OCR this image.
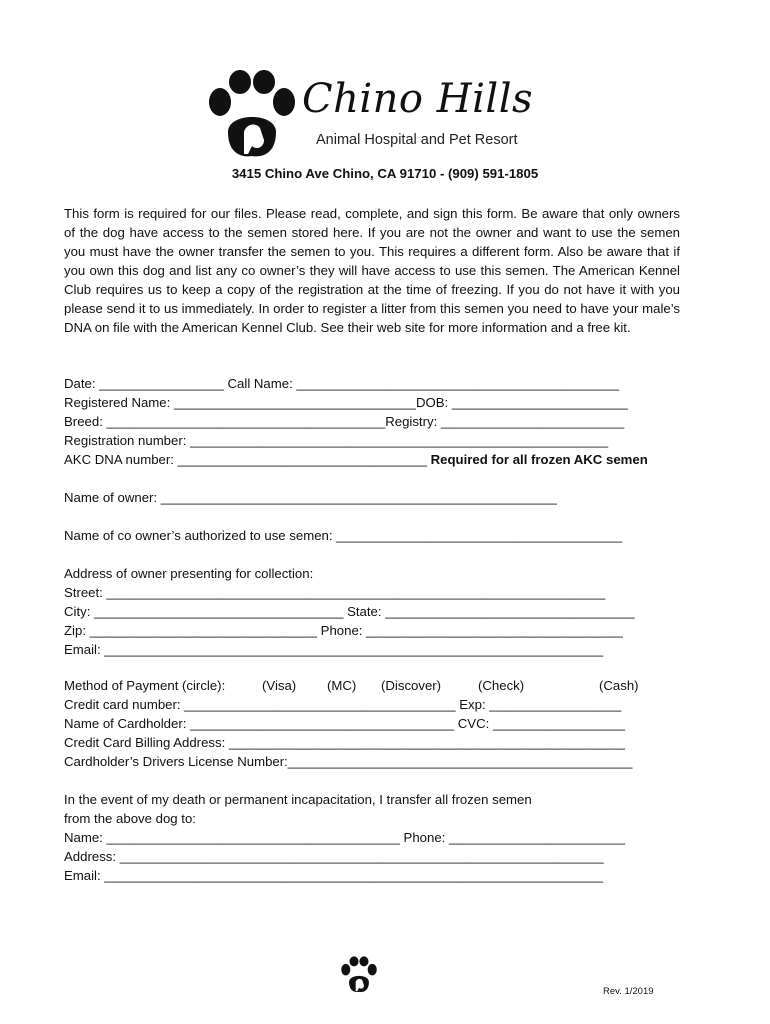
Chino Hills
Animal Hospital and Pet Resort
3415 Chino Ave Chino, CA 91710 - (909) 591-1805

This form is required for our files. Please read, complete, and sign this form. Be aware that only owners of the dog have access to the semen stored here. If you are not the owner and want to use the semen you must have the owner transfer the semen to you. This requires a different form. Also be aware that if you own this dog and list any co owner’s they will have access to use this semen. The American Kennel Club requires us to keep a copy of the registration at the time of freezing. If you do not have it with you please send it to us immediately. In order to register a litter from this semen you need to have your male’s DNA on file with the American Kennel Club. See their web site for more information and a free kit.

Date: _________________ Call Name: ____________________________________________
Registered Name: _________________________________DOB: ________________________
Breed: ______________________________________Registry: _________________________
Registration number: _________________________________________________________
AKC DNA number: __________________________________ Required for all frozen AKC semen
Name of owner: ______________________________________________________
Name of co owner’s authorized to use semen: _______________________________________
Address of owner presenting for collection:
Street: ____________________________________________________________________
City: __________________________________ State: __________________________________
Zip: _______________________________ Phone: ___________________________________
Email: ____________________________________________________________________
Method of Payment (circle):	(Visa) (MC) (Discover)	(Check)	(Cash)
Credit card number: _____________________________________ Exp: __________________
Name of Cardholder: ____________________________________ CVC: __________________
Credit Card Billing Address: ______________________________________________________
Cardholder’s Drivers License Number:_______________________________________________
In the event of my death or permanent incapacitation, I transfer all frozen semen
from the above dog to:
Name: ________________________________________ Phone: ________________________
Address: __________________________________________________________________
Email: ____________________________________________________________________
Rev. 1/2019
